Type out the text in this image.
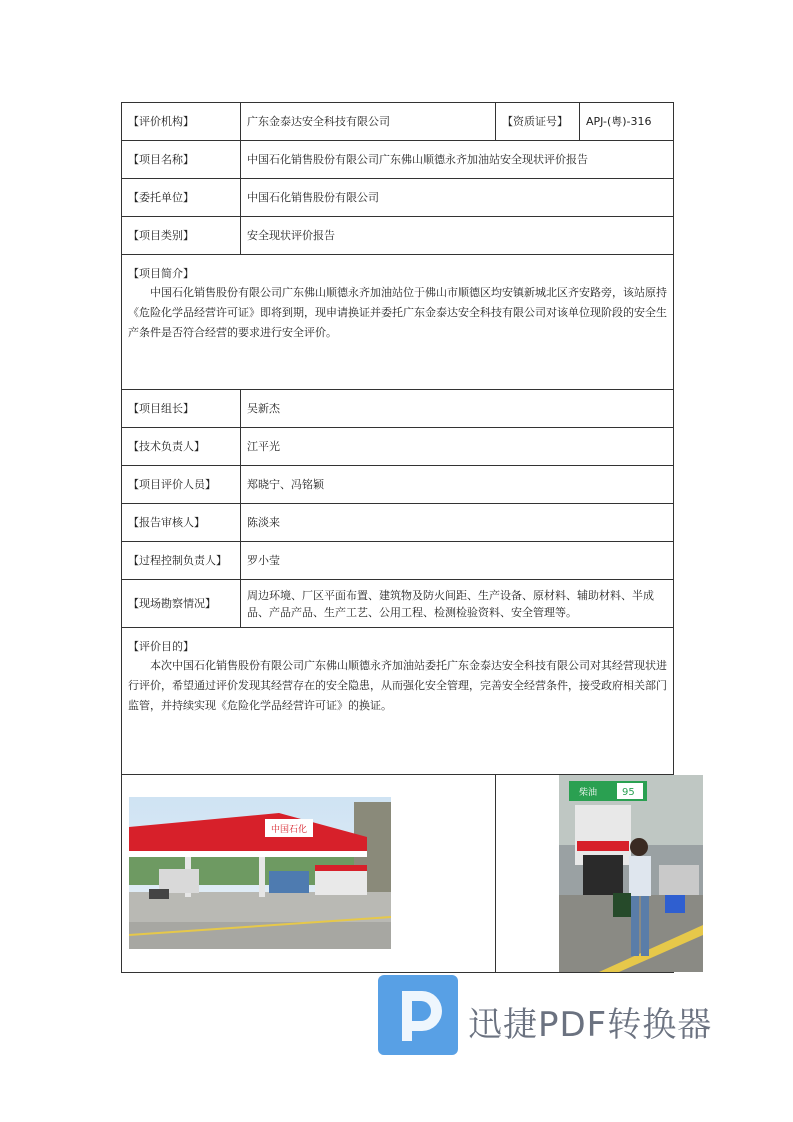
【评价机构】	广东金泰达安全科技有限公司	【资质证号】	APJ-(粤)-316
【项目名称】	中国石化销售股份有限公司广东佛山顺德永齐加油站安全现状评价报告		
【委托单位】	中国石化销售股份有限公司		
【项目类别】	安全现状评价报告		

【项目简介】
中国石化销售股份有限公司广东佛山顺德永齐加油站位于佛山市顺德区均安镇新城北区齐安路旁，该站原持《危险化学品经营许可证》即将到期，现申请换证并委托广东金泰达安全科技有限公司对该单位现阶段的安全生产条件是否符合经营的要求进行安全评价。			

【项目组长】	吴新杰		
【技术负责人】	江平光		
【项目评价人员】	郑晓宁、冯铭颖		
【报告审核人】	陈淡来		
【过程控制负责人】	罗小莹		
【现场勘察情况】	周边环境、厂区平面布置、建筑物及防火间距、生产设备、原材料、辅助材料、半成品、产品产品、生产工艺、公用工程、检测检验资料、安全管理等。		

【评价目的】
本次中国石化销售股份有限公司广东佛山顺德永齐加油站委托广东金泰达安全科技有限公司对其经营现状进行评价，希望通过评价发现其经营存在的安全隐患，从而强化安全管理，完善安全经营条件，接受政府相关部门监管，并持续实现《危险化学品经营许可证》的换证。			

中国石化		柴油 95	
迅捷PDF转换器
